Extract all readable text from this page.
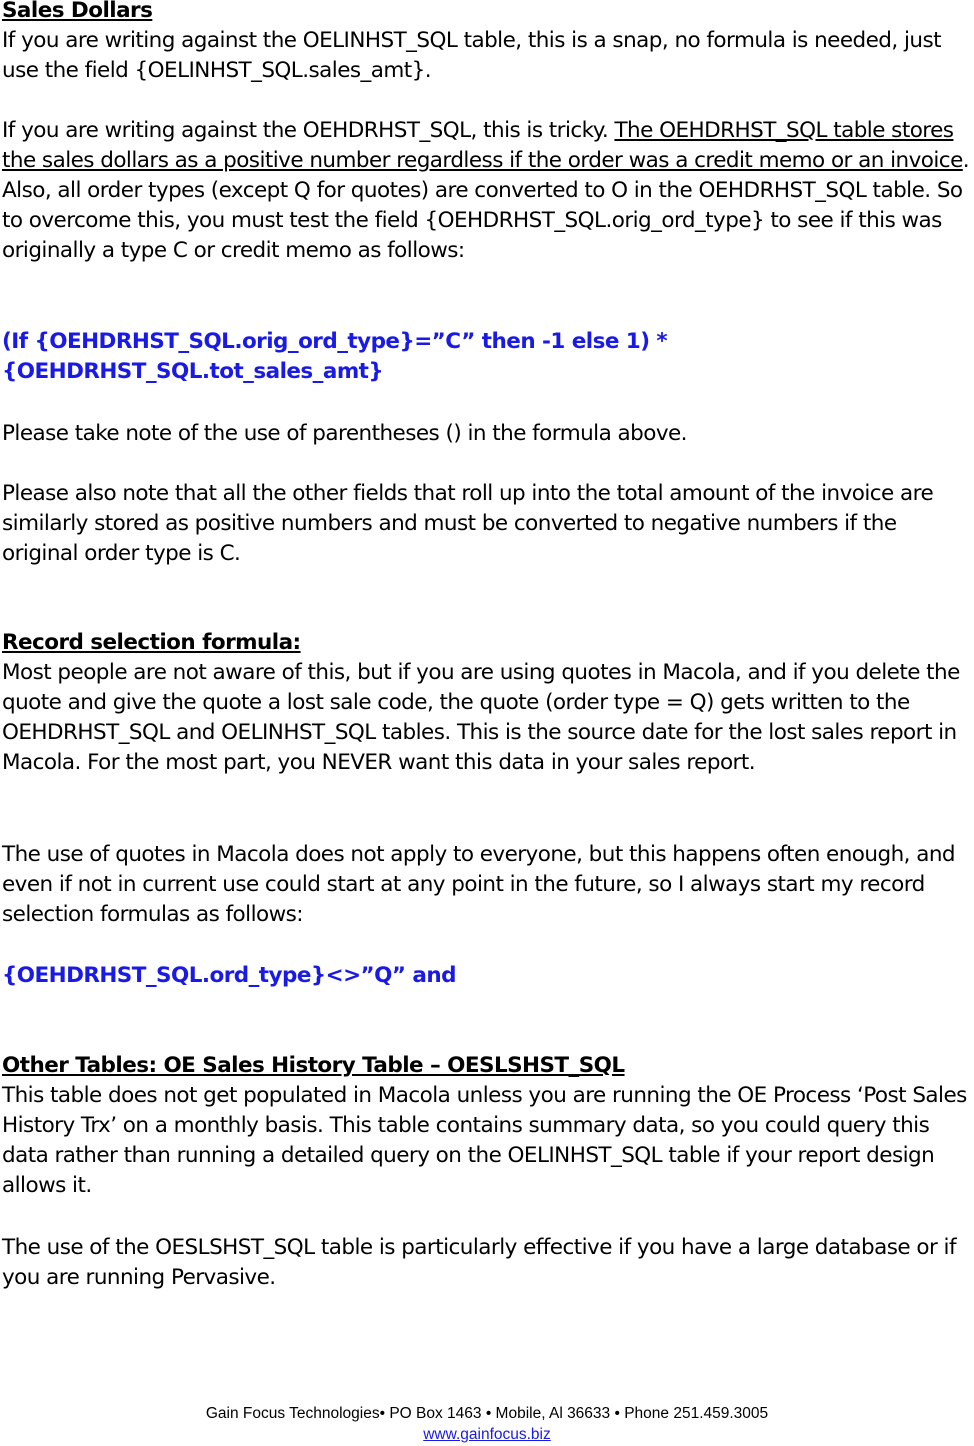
Sales Dollars

If you are writing against the OELINHST_SQL table, this is a snap, no formula is needed, just use the field {OELINHST_SQL.sales_amt}.

If you are writing against the OEHDRHST_SQL, this is tricky. The OEHDRHST_SQL table stores the sales dollars as a positive number regardless if the order was a credit memo or an invoice. Also, all order types (except Q for quotes) are converted to O in the OEHDRHST_SQL table. So to overcome this, you must test the field {OEHDRHST_SQL.orig_ord_type} to see if this was originally a type C or credit memo as follows:

(If {OEHDRHST_SQL.orig_ord_type}=”C” then -1 else 1) * {OEHDRHST_SQL.tot_sales_amt}

Please take note of the use of parentheses () in the formula above.

Please also note that all the other fields that roll up into the total amount of the invoice are similarly stored as positive numbers and must be converted to negative numbers if the original order type is C.

Record selection formula:

Most people are not aware of this, but if you are using quotes in Macola, and if you delete the quote and give the quote a lost sale code, the quote (order type = Q) gets written to the OEHDRHST_SQL and OELINHST_SQL tables. This is the source date for the lost sales report in Macola. For the most part, you NEVER want this data in your sales report.

The use of quotes in Macola does not apply to everyone, but this happens often enough, and even if not in current use could start at any point in the future, so I always start my record selection formulas as follows:

{OEHDRHST_SQL.ord_type}<>”Q” and

Other Tables: OE Sales History Table – OESLSHST_SQL

This table does not get populated in Macola unless you are running the OE Process ‘Post Sales History Trx’ on a monthly basis. This table contains summary data, so you could query this data rather than running a detailed query on the OELINHST_SQL table if your report design allows it.

The use of the OESLSHST_SQL table is particularly effective if you have a large database or if you are running Pervasive.

Gain Focus Technologies• PO Box 1463 • Mobile, Al 36633 • Phone 251.459.3005
www.gainfocus.biz
